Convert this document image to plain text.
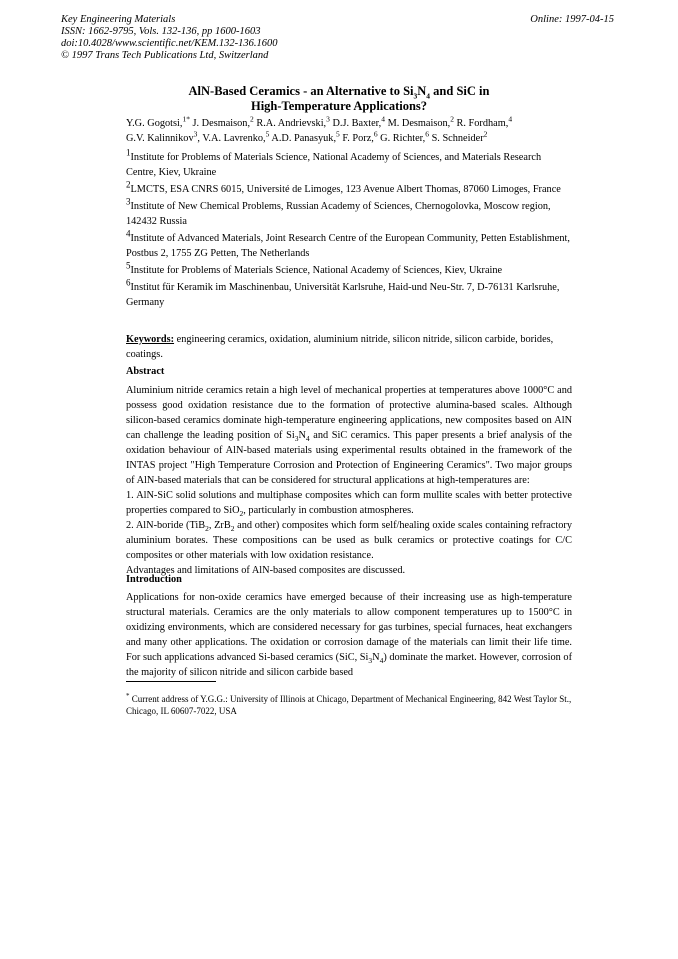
Key Engineering Materials
ISSN: 1662-9795, Vols. 132-136, pp 1600-1603
doi:10.4028/www.scientific.net/KEM.132-136.1600
© 1997 Trans Tech Publications Ltd, Switzerland
Online: 1997-04-15
AlN-Based Ceramics - an Alternative to $Si_3N_4$ and SiC in
High-Temperature Applications?
Y.G. Gogotsi,$^{1*}$ J. Desmaison,$^2$ R.A. Andrievski,$^3$ D.J. Baxter,$^4$ M. Desmaison,$^2$ R. Fordham,$^4$
G.V. Kalinnikov$^3$, V.A. Lavrenko,$^5$ A.D. Panasyuk,$^5$ F. Porz,$^6$ G. Richter,$^6$ S. Schneider$^2$
$^1$Institute for Problems of Materials Science, National Academy of Sciences, and Materials Research Centre, Kiev, Ukraine
$^2$LMCTS, ESA CNRS 6015, Université de Limoges, 123 Avenue Albert Thomas, 87060 Limoges, France
$^3$Institute of New Chemical Problems, Russian Academy of Sciences, Chernogolovka, Moscow region, 142432 Russia
$^4$Institute of Advanced Materials, Joint Research Centre of the European Community, Petten Establishment, Postbus 2, 1755 ZG Petten, The Netherlands
$^5$Institute for Problems of Materials Science, National Academy of Sciences, Kiev, Ukraine
$^6$Institut für Keramik im Maschinenbau, Universität Karlsruhe, Haid-und Neu-Str. 7, D-76131 Karlsruhe, Germany
Keywords: engineering ceramics, oxidation, aluminium nitride, silicon nitride, silicon carbide, borides, coatings.
Abstract

Aluminium nitride ceramics retain a high level of mechanical properties at temperatures above 1000°C and possess good oxidation resistance due to the formation of protective alumina-based scales. Although silicon-based ceramics dominate high-temperature engineering applications, new composites based on AlN can challenge the leading position of $Si_3N_4$ and SiC ceramics. This paper presents a brief analysis of the oxidation behaviour of AlN-based materials using experimental results obtained in the framework of the INTAS project "High Temperature Corrosion and Protection of Engineering Ceramics". Two major groups of AlN-based materials that can be considered for structural applications at high-temperatures are:

1. AlN-SiC solid solutions and multiphase composites which can form mullite scales with better protective properties compared to SiO$_2$, particularly in combustion atmospheres.

2. AlN-boride (TiB$_2$, ZrB$_2$ and other) composites which form self/healing oxide scales containing refractory aluminium borates. These compositions can be used as bulk ceramics or protective coatings for C/C composites or other materials with low oxidation resistance.

Advantages and limitations of AlN-based composites are discussed.

Introduction

Applications for non-oxide ceramics have emerged because of their increasing use as high-temperature structural materials. Ceramics are the only materials to allow component temperatures up to 1500°C in oxidizing environments, which are considered necessary for gas turbines, special furnaces, heat exchangers and many other applications. The oxidation or corrosion damage of the materials can limit their life time. For such applications advanced Si-based ceramics (SiC, $Si_3N_4$) dominate the market. However, corrosion of the majority of silicon nitride and silicon carbide based

* Current address of Y.G.G.: University of Illinois at Chicago, Department of Mechanical Engineering, 842 West Taylor St., Chicago, IL 60607-7022, USA
